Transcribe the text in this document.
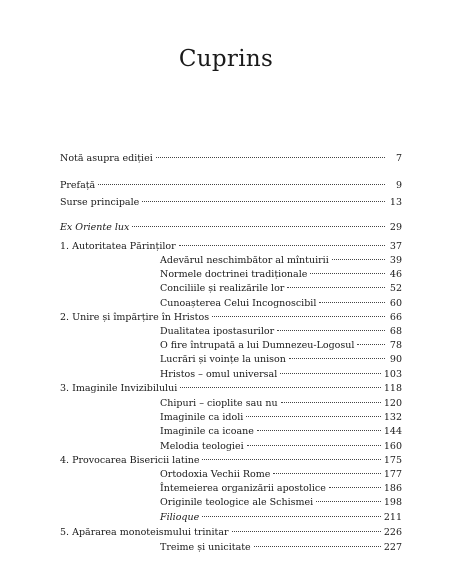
Cuprins
Notă asupra ediției	7
Prefață	9
Surse principale	13
Ex Oriente lux	29
1. Autoritatea Părinților	37
Adevărul neschimbător al mîntuirii	39
Normele doctrinei tradiționale	46
Conciliile și realizările lor	52
Cunoașterea Celui Incognoscibil	60
2. Unire și împărțire în Hristos	66
Dualitatea ipostasurilor	68
O fire întrupată a lui Dumnezeu-Logosul	78
Lucrări și voințe la unison	90
Hristos – omul universal	103
3. Imaginile Invizibilului	118
Chipuri – cioplite sau nu	120
Imaginile ca idoli	132
Imaginile ca icoane	144
Melodia teologiei	160
4. Provocarea Bisericii latine	175
Ortodoxia Vechii Rome	177
Întemeierea organizării apostolice	186
Originile teologice ale Schismei	198
Filioque	211
5. Apărarea monoteismului trinitar	226
Treime și unicitate	227
